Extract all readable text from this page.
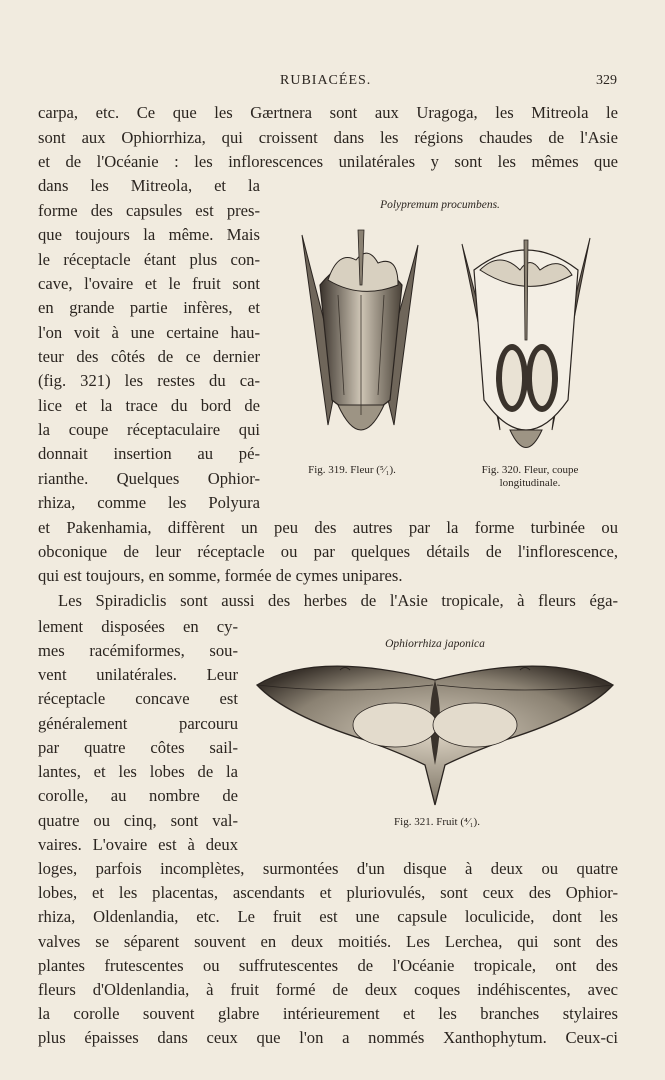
RUBIACÉES.	329
carpa, etc. Ce que les Gærtnera sont aux Uragoga, les Mitreola le
sont aux Ophiorrhiza, qui croissent dans les régions chaudes de l'Asie
et de l'Océanie : les inflorescences unilatérales y sont les mêmes que
dans les Mitreola, et la
forme des capsules est pres-
que toujours la même. Mais
le réceptacle étant plus con-
cave, l'ovaire et le fruit sont
en grande partie infères, et
l'on voit à une certaine hau-
teur des côtés de ce dernier
(fig. 321) les restes du ca-
lice et la trace du bord de
la coupe réceptaculaire qui
donnait insertion au pé-
rianthe. Quelques Ophior-
rhiza, comme les Polyura
Polypremum procumbens.
Fig. 319. Fleur (⁵⁄₁).	Fig. 320. Fleur, coupe
longitudinale.
et Pakenhamia, diffèrent un peu des autres par la forme turbinée ou
obconique de leur réceptacle ou par quelques détails de l'inflorescence,
qui est toujours, en somme, formée de cymes unipares.
Les Spiradiclis sont aussi des herbes de l'Asie tropicale, à fleurs éga-
lement disposées en cy-
mes racémiformes, sou-
vent unilatérales. Leur
réceptacle concave est
généralement parcouru
par quatre côtes sail-
lantes, et les lobes de la
corolle, au nombre de
quatre ou cinq, sont val-
vaires. L'ovaire est à deux
Ophiorrhiza japonica
Fig. 321. Fruit (⁴⁄₁).
loges, parfois incomplètes, surmontées d'un disque à deux ou quatre
lobes, et les placentas, ascendants et pluriovulés, sont ceux des Ophior-
rhiza, Oldenlandia, etc. Le fruit est une capsule loculicide, dont les
valves se séparent souvent en deux moitiés. Les Lerchea, qui sont des
plantes frutescentes ou suffrutescentes de l'Océanie tropicale, ont des
fleurs d'Oldenlandia, à fruit formé de deux coques indéhiscentes, avec
la corolle souvent glabre intérieurement et les branches stylaires
plus épaisses dans ceux que l'on a nommés Xanthophytum. Ceux-ci
